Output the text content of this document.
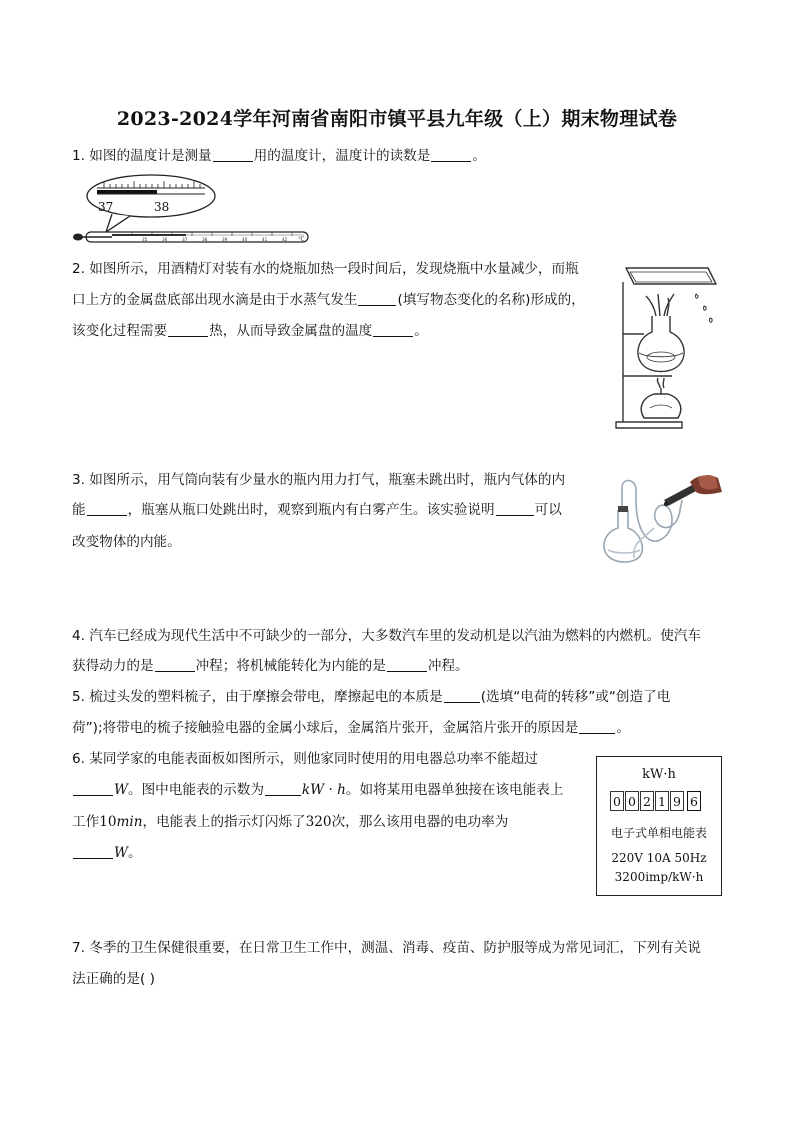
2023-2024学年河南省南阳市镇平县九年级（上）期末物理试卷
1. 如图的温度计是测量	用的温度计，温度计的读数是	。
37	38
35	36	37	38	39	40	41	42 ℃
2. 如图所示，用酒精灯对装有水的烧瓶加热一段时间后，发现烧瓶中水量减少，而瓶
口上方的金属盘底部出现水滴是由于水蒸气发生	(填写物态变化的名称)形成的，
该变化过程需要	热，从而导致金属盘的温度	。
3. 如图所示，用气筒向装有少量水的瓶内用力打气，瓶塞未跳出时，瓶内气体的内
能	，瓶塞从瓶口处跳出时，观察到瓶内有白雾产生。该实验说明	可以
改变物体的内能。
4. 汽车已经成为现代生活中不可缺少的一部分，大多数汽车里的发动机是以汽油为燃料的内燃机。使汽车
获得动力的是	冲程；将机械能转化为内能的是	冲程。
5. 梳过头发的塑料梳子，由于摩擦会带电，摩擦起电的本质是	(选填“电荷的转移”或“创造了电
荷”);将带电的梳子接触验电器的金属小球后，金属箔片张开，金属箔片张开的原因是	。
6. 某同学家的电能表面板如图所示，则他家同时使用的用电器总功率不能超过
W。图中电能表的示数为	kW · h。如将某用电器单独接在该电能表上
工作10min，电能表上的指示灯闪烁了320次，那么该用电器的电功率为
W。
kW·h
0 0 2 1 9 6
电子式单相电能表
220V 10A 50Hz
3200imp/kW·h
7. 冬季的卫生保健很重要，在日常卫生工作中，测温、消毒、疫苗、防护服等成为常见词汇，下列有关说
法正确的是( )
